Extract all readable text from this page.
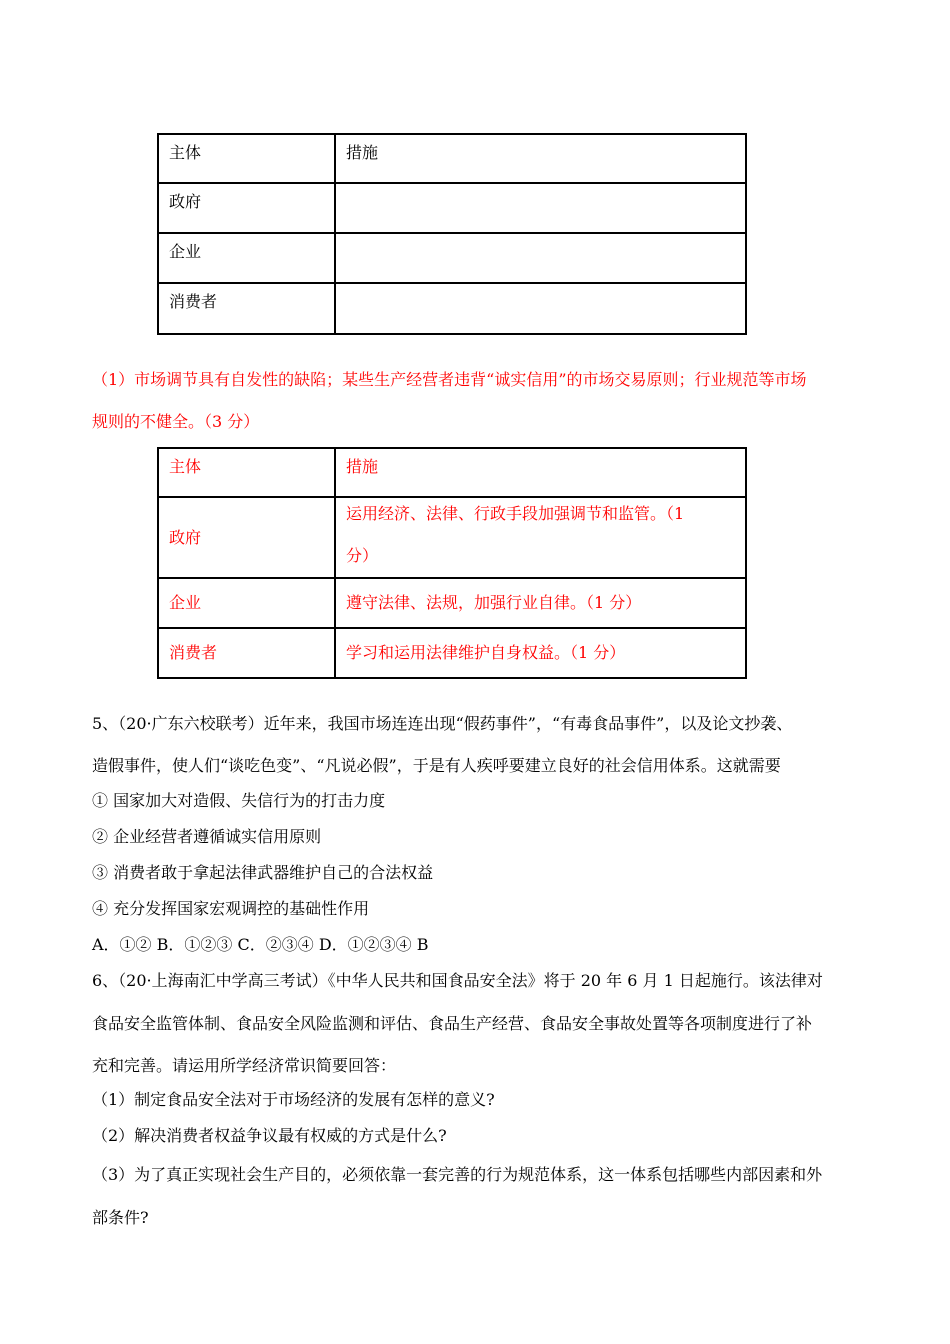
主体	措施
政府	
企业	
消费者	
（1）市场调节具有自发性的缺陷；某些生产经营者违背“诚实信用”的市场交易原则；行业规范等市场
规则的不健全。（3 分）
主体	措施
政府	运用经济、法律、行政手段加强调节和监管。（1
分）

企业	遵守法律、法规，加强行业自律。（1 分）
消费者	学习和运用法律维护自身权益。（1 分）
5、（20·广东六校联考）近年来，我国市场连连出现“假药事件”，“有毒食品事件”，以及论文抄袭、
造假事件，使人们“谈吃色变”、“凡说必假”，于是有人疾呼要建立良好的社会信用体系。这就需要
① 国家加大对造假、失信行为的打击力度
② 企业经营者遵循诚实信用原则
③ 消费者敢于拿起法律武器维护自己的合法权益
④ 充分发挥国家宏观调控的基础性作用
A．①② B．①②③ C．②③④ D．①②③④ B
6、（20·上海南汇中学高三考试）《中华人民共和国食品安全法》将于 20 年 6 月 1 日起施行。该法律对
食品安全监管体制、食品安全风险监测和评估、食品生产经营、食品安全事故处置等各项制度进行了补
充和完善。请运用所学经济常识简要回答：
（1）制定食品安全法对于市场经济的发展有怎样的意义?
（2）解决消费者权益争议最有权威的方式是什么?
（3）为了真正实现社会生产目的，必须依靠一套完善的行为规范体系，这一体系包括哪些内部因素和外
部条件?
